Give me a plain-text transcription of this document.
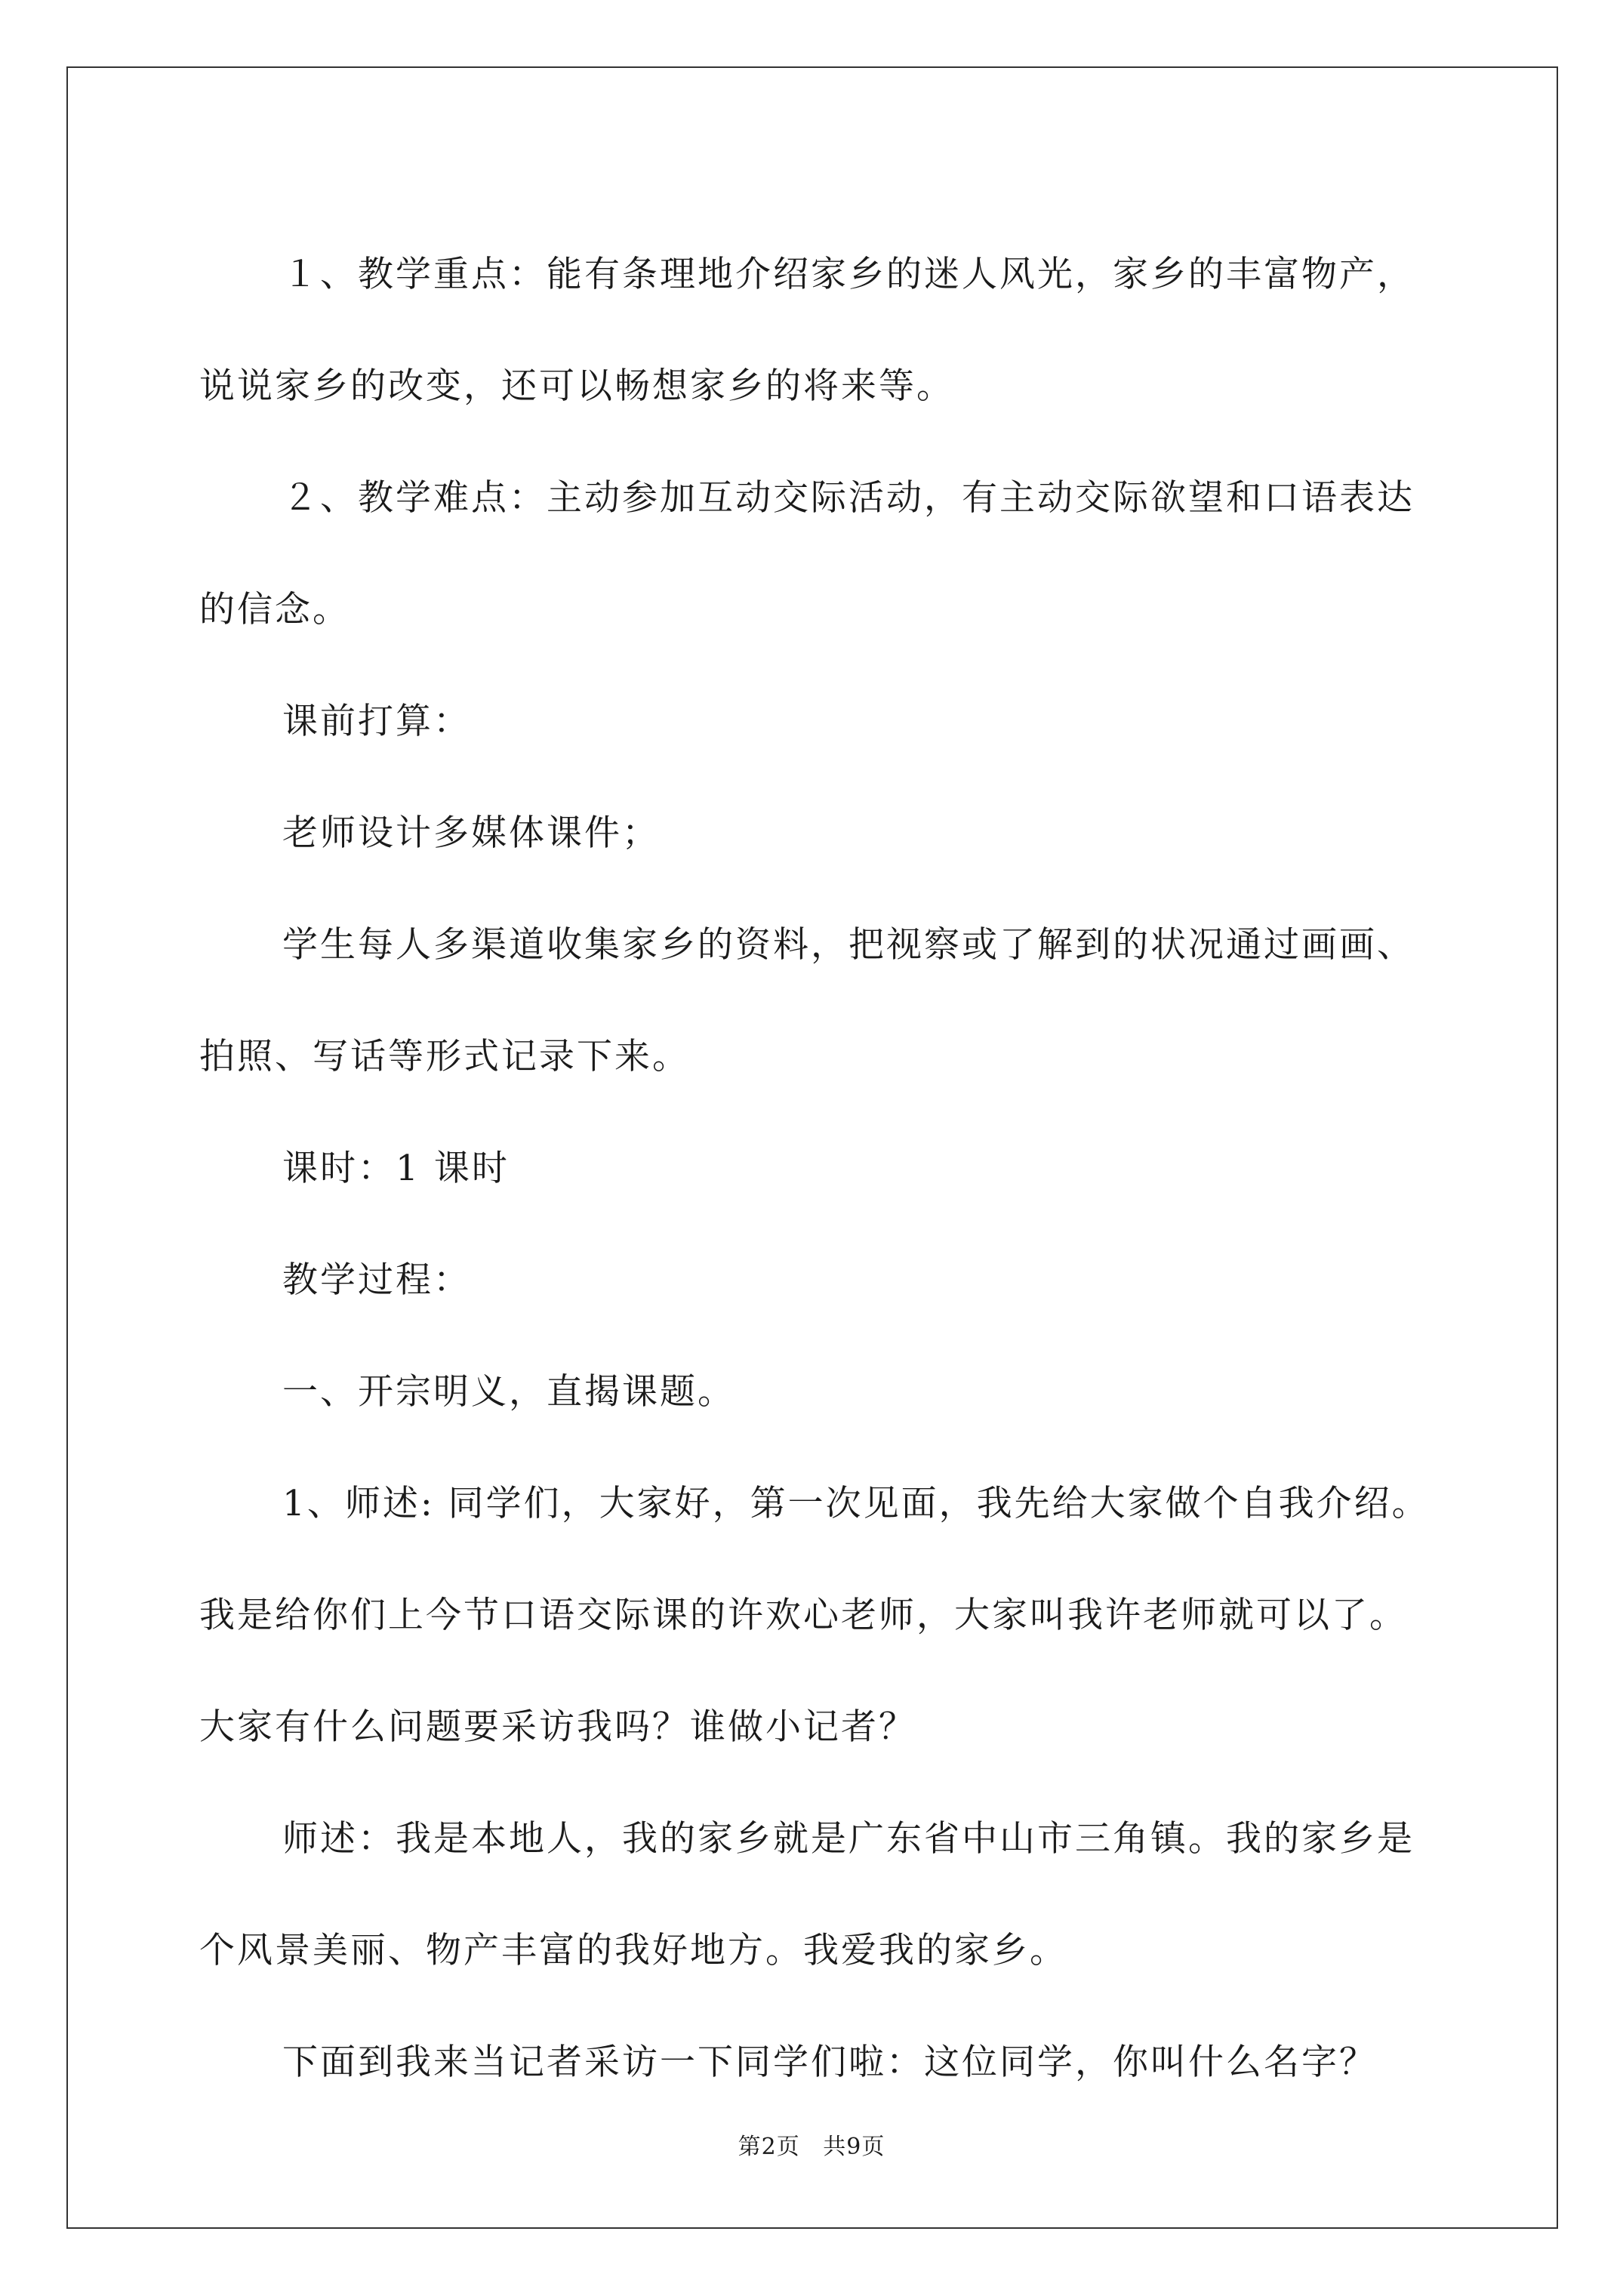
１、教学重点：能有条理地介绍家乡的迷人风光，家乡的丰富物产，说说家乡的改变，还可以畅想家乡的将来等。

２、教学难点：主动参加互动交际活动，有主动交际欲望和口语表达的信念。

课前打算：

老师设计多媒体课件；

学生每人多渠道收集家乡的资料，把视察或了解到的状况通过画画、拍照、写话等形式记录下来。

课时：1 课时

教学过程：

一、开宗明义，直揭课题。

1、师述: 同学们，大家好，第一次见面，我先给大家做个自我介绍。我是给你们上今节口语交际课的许欢心老师，大家叫我许老师就可以了。大家有什么问题要采访我吗？谁做小记者？

师述：我是本地人，我的家乡就是广东省中山市三角镇。我的家乡是个风景美丽、物产丰富的我好地方。我爱我的家乡。

下面到我来当记者采访一下同学们啦：这位同学，你叫什么名字？

第2页 共9页
